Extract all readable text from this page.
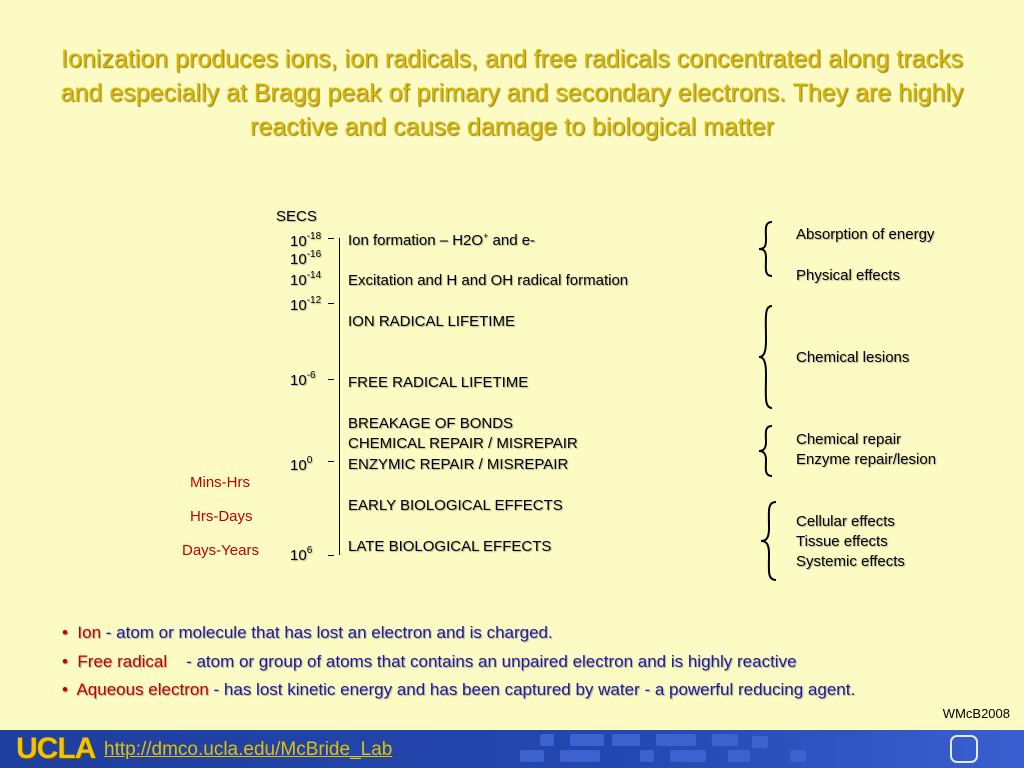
Ionization produces ions, ion radicals, and free radicals concentrated along tracks and especially at Bragg peak of primary and secondary electrons. They are highly reactive and cause damage to biological matter
SECS
$10^{-18}$
$10^{-16}$
$10^{-14}$
$10^{-12}$
$10^{-6}$
$10^0$
$10^6$
Ion formation – H2O+ and e-
Excitation and H and OH radical formation
ION RADICAL LIFETIME
FREE RADICAL LIFETIME
BREAKAGE OF BONDS
CHEMICAL REPAIR / MISREPAIR
ENZYMIC REPAIR / MISREPAIR
EARLY BIOLOGICAL EFFECTS
LATE BIOLOGICAL EFFECTS
Mins-Hrs
Hrs-Days
Days-Years
Absorption of energy
Physical effects
Chemical lesions
Chemical repair
Enzyme repair/lesion
Cellular effects
Tissue effects
Systemic effects
• Ion - atom or molecule that has lost an electron and is charged.
• Free radical    - atom or group of atoms that contains an unpaired electron and is highly reactive
• Aqueous electron - has lost kinetic energy and has been captured by water - a powerful reducing agent.
WMcB2008
UCLA http://dmco.ucla.edu/McBride_Lab
